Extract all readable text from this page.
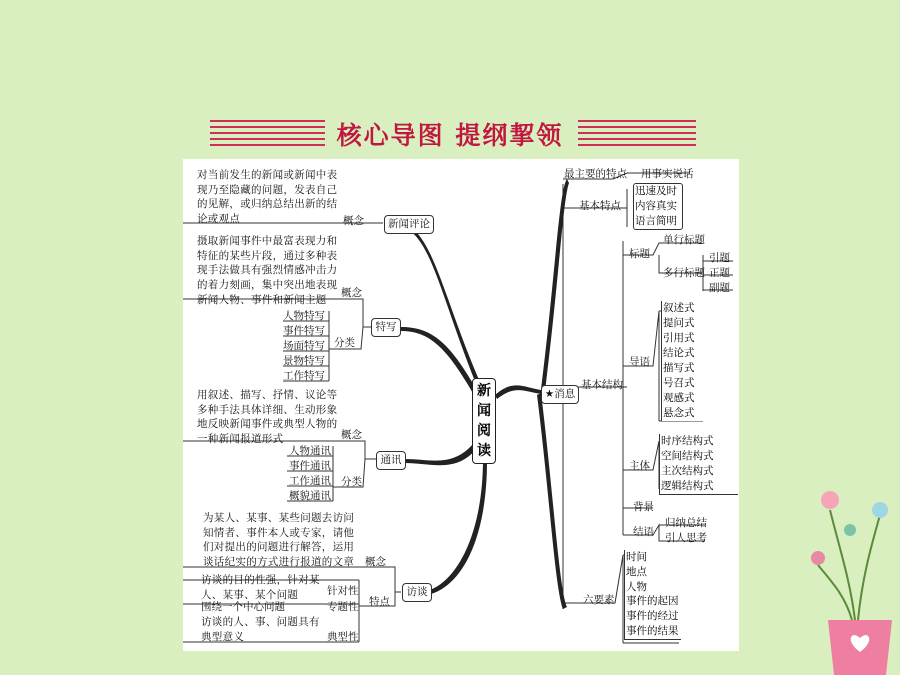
核心导图 提纲挈领
新
闻
阅
读
对当前发生的新闻或新闻中表现乃至隐藏的问题，发表自己的见解，或归纳总结出新的结论或观点	概念	新闻评论
摄取新闻事件中最富表现力和特征的某些片段，通过多种表现手法做具有强烈情感冲击力的着力刻画，集中突出地表现新闻人物、事件和新闻主题
概念
特写
分类
人物特写
事件特写
场面特写
景物特写
工作特写
用叙述、描写、抒情、议论等多种手法具体详细、生动形象地反映新闻事件或典型人物的一种新闻报道形式	概念
通讯
分类
人物通讯
事件通讯
工作通讯
概貌通讯
为某人、某事、某些问题去访问知情者、事件本人或专家，请他们对提出的问题进行解答，运用谈话纪实的方式进行报道的文章 概念
访谈
特点
访谈的目的性强，针对某人、某事、某个问题	针对性
围绕一个中心问题	专题性
访谈的人、事、问题具有典型意义	典型性
★消息
最主要的特点 用事实说话
基本特点
迅速及时
内容真实
语言简明
基本结构
标题
单行标题
多行标题
引题
正题
副题
导语
叙述式
提问式
引用式
结论式
描写式
号召式
观感式
悬念式
主体
时序结构式
空间结构式
主次结构式
逻辑结构式
背景
结语
归纳总结
引人思考
六要素
时间
地点
人物
事件的起因
事件的经过
事件的结果
